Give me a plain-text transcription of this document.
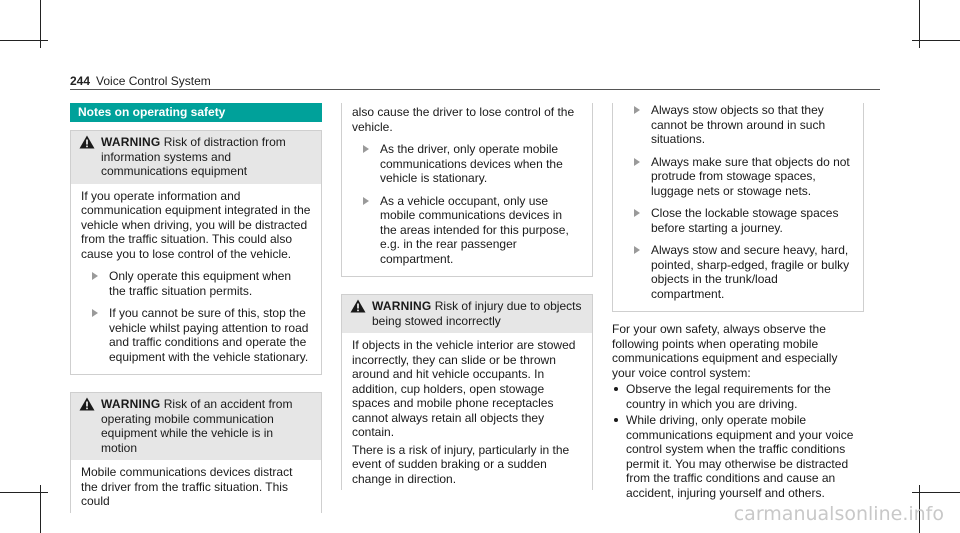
244 Voice Control System
Notes on operating safety
WARNING Risk of distraction from information systems and communications equipment

If you operate information and communication equipment integrated in the vehicle when driving, you will be distracted from the traffic situation. This could also cause you to lose control of the vehicle.

Only operate this equipment when the traffic situation permits.
If you cannot be sure of this, stop the vehicle whilst paying attention to road and traffic conditions and operate the equipment with the vehicle stationary.
WARNING Risk of an accident from operating mobile communication equipment while the vehicle is in motion

Mobile communications devices distract the driver from the traffic situation. This could

also cause the driver to lose control of the vehicle.

As the driver, only operate mobile communications devices when the vehicle is stationary.
As a vehicle occupant, only use mobile communications devices in the areas intended for this purpose, e.g. in the rear passenger compartment.
WARNING Risk of injury due to objects being stowed incorrectly

If objects in the vehicle interior are stowed incorrectly, they can slide or be thrown around and hit vehicle occupants. In addition, cup holders, open stowage spaces and mobile phone receptacles cannot always retain all objects they contain.

There is a risk of injury, particularly in the event of sudden braking or a sudden change in direction.

Always stow objects so that they cannot be thrown around in such situations.
Always make sure that objects do not protrude from stowage spaces, luggage nets or stowage nets.
Close the lockable stowage spaces before starting a journey.
Always stow and secure heavy, hard, pointed, sharp-edged, fragile or bulky objects in the trunk/load compartment.

For your own safety, always observe the following points when operating mobile communications equipment and especially your voice control system:

Observe the legal requirements for the country in which you are driving.
While driving, only operate mobile communications equipment and your voice control system when the traffic conditions permit it. You may otherwise be distracted from the traffic conditions and cause an accident, injuring yourself and others.
carmanualsonline.info
